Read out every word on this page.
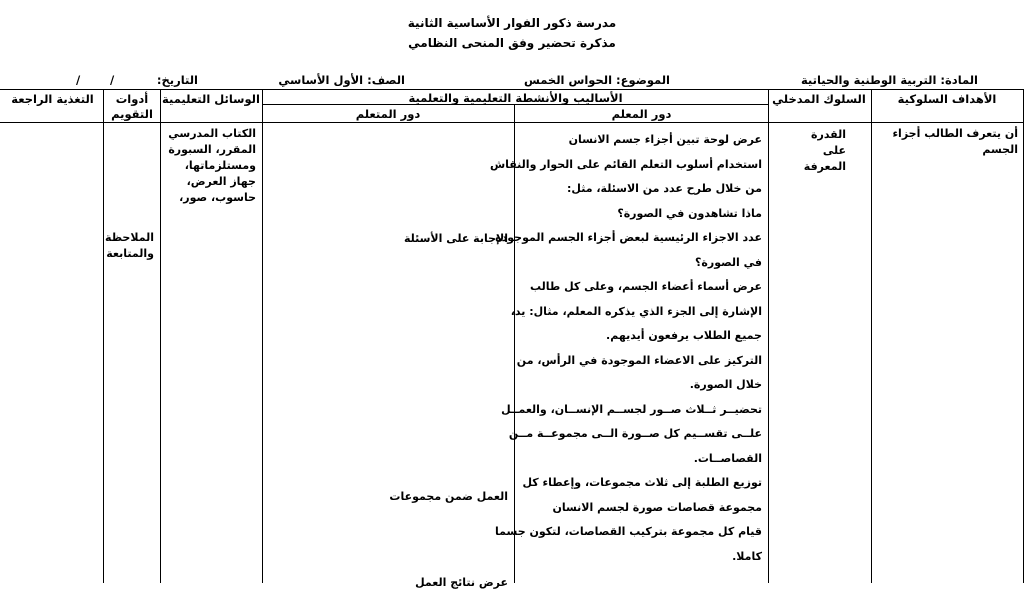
مدرسة ذكور الفوار الأساسية الثانية
مذكرة تحضير وفق المنحى النظامي
المادة: التربية الوطنية والحياتية
الموضوع: الحواس الخمس
الصف: الأول الأساسي
التاريخ:
/
/
الأهداف السلوكية
السلوك المدخلي
الأساليب والأنشطة التعليمية والتعلمية
دور المعلم
دور المتعلم
الوسائل التعليمية
أدوات
التقويم
التغذية الراجعة
أن يتعرف الطالب أجزاء الجسم
القدرة على المعرفة
عرض لوحة تبين أجزاء جسم الانسان
استخدام أسلوب التعلم القائم على الحوار والنقاش
من خلال طرح عدد من الاسئلة، مثل:
ماذا تشاهدون في الصورة؟
عدد الاجزاء الرئيسية لبعض أجزاء الجسم الموجودة
في الصورة؟
عرض أسماء أعضاء الجسم، وعلى كل طالب
الإشارة إلى الجزء الذي يذكره المعلم، مثال: يد،
جميع الطلاب يرفعون أيديهم.
التركيز على الاعضاء الموجودة في الرأس، من
خلال الصورة.
تحضيــر ثــلاث صــور لجســم الإنســان، والعمــل
علــى تقســيم كل صــورة الــى مجموعــة مــن
القصاصــات.
توزيع الطلبة إلى ثلاث مجموعات، وإعطاء كل
مجموعة قصاصات صورة لجسم الانسان
قيام كل مجموعة بتركيب القصاصات، لتكون جسما
كاملا.
الإجابة على الأسئلة
العمل ضمن مجموعات
عرض نتائج العمل
الكتاب المدرسي المقرر، السبورة ومستلزماتها، جهاز العرض، حاسوب، صور،
الملاحظة والمتابعة
